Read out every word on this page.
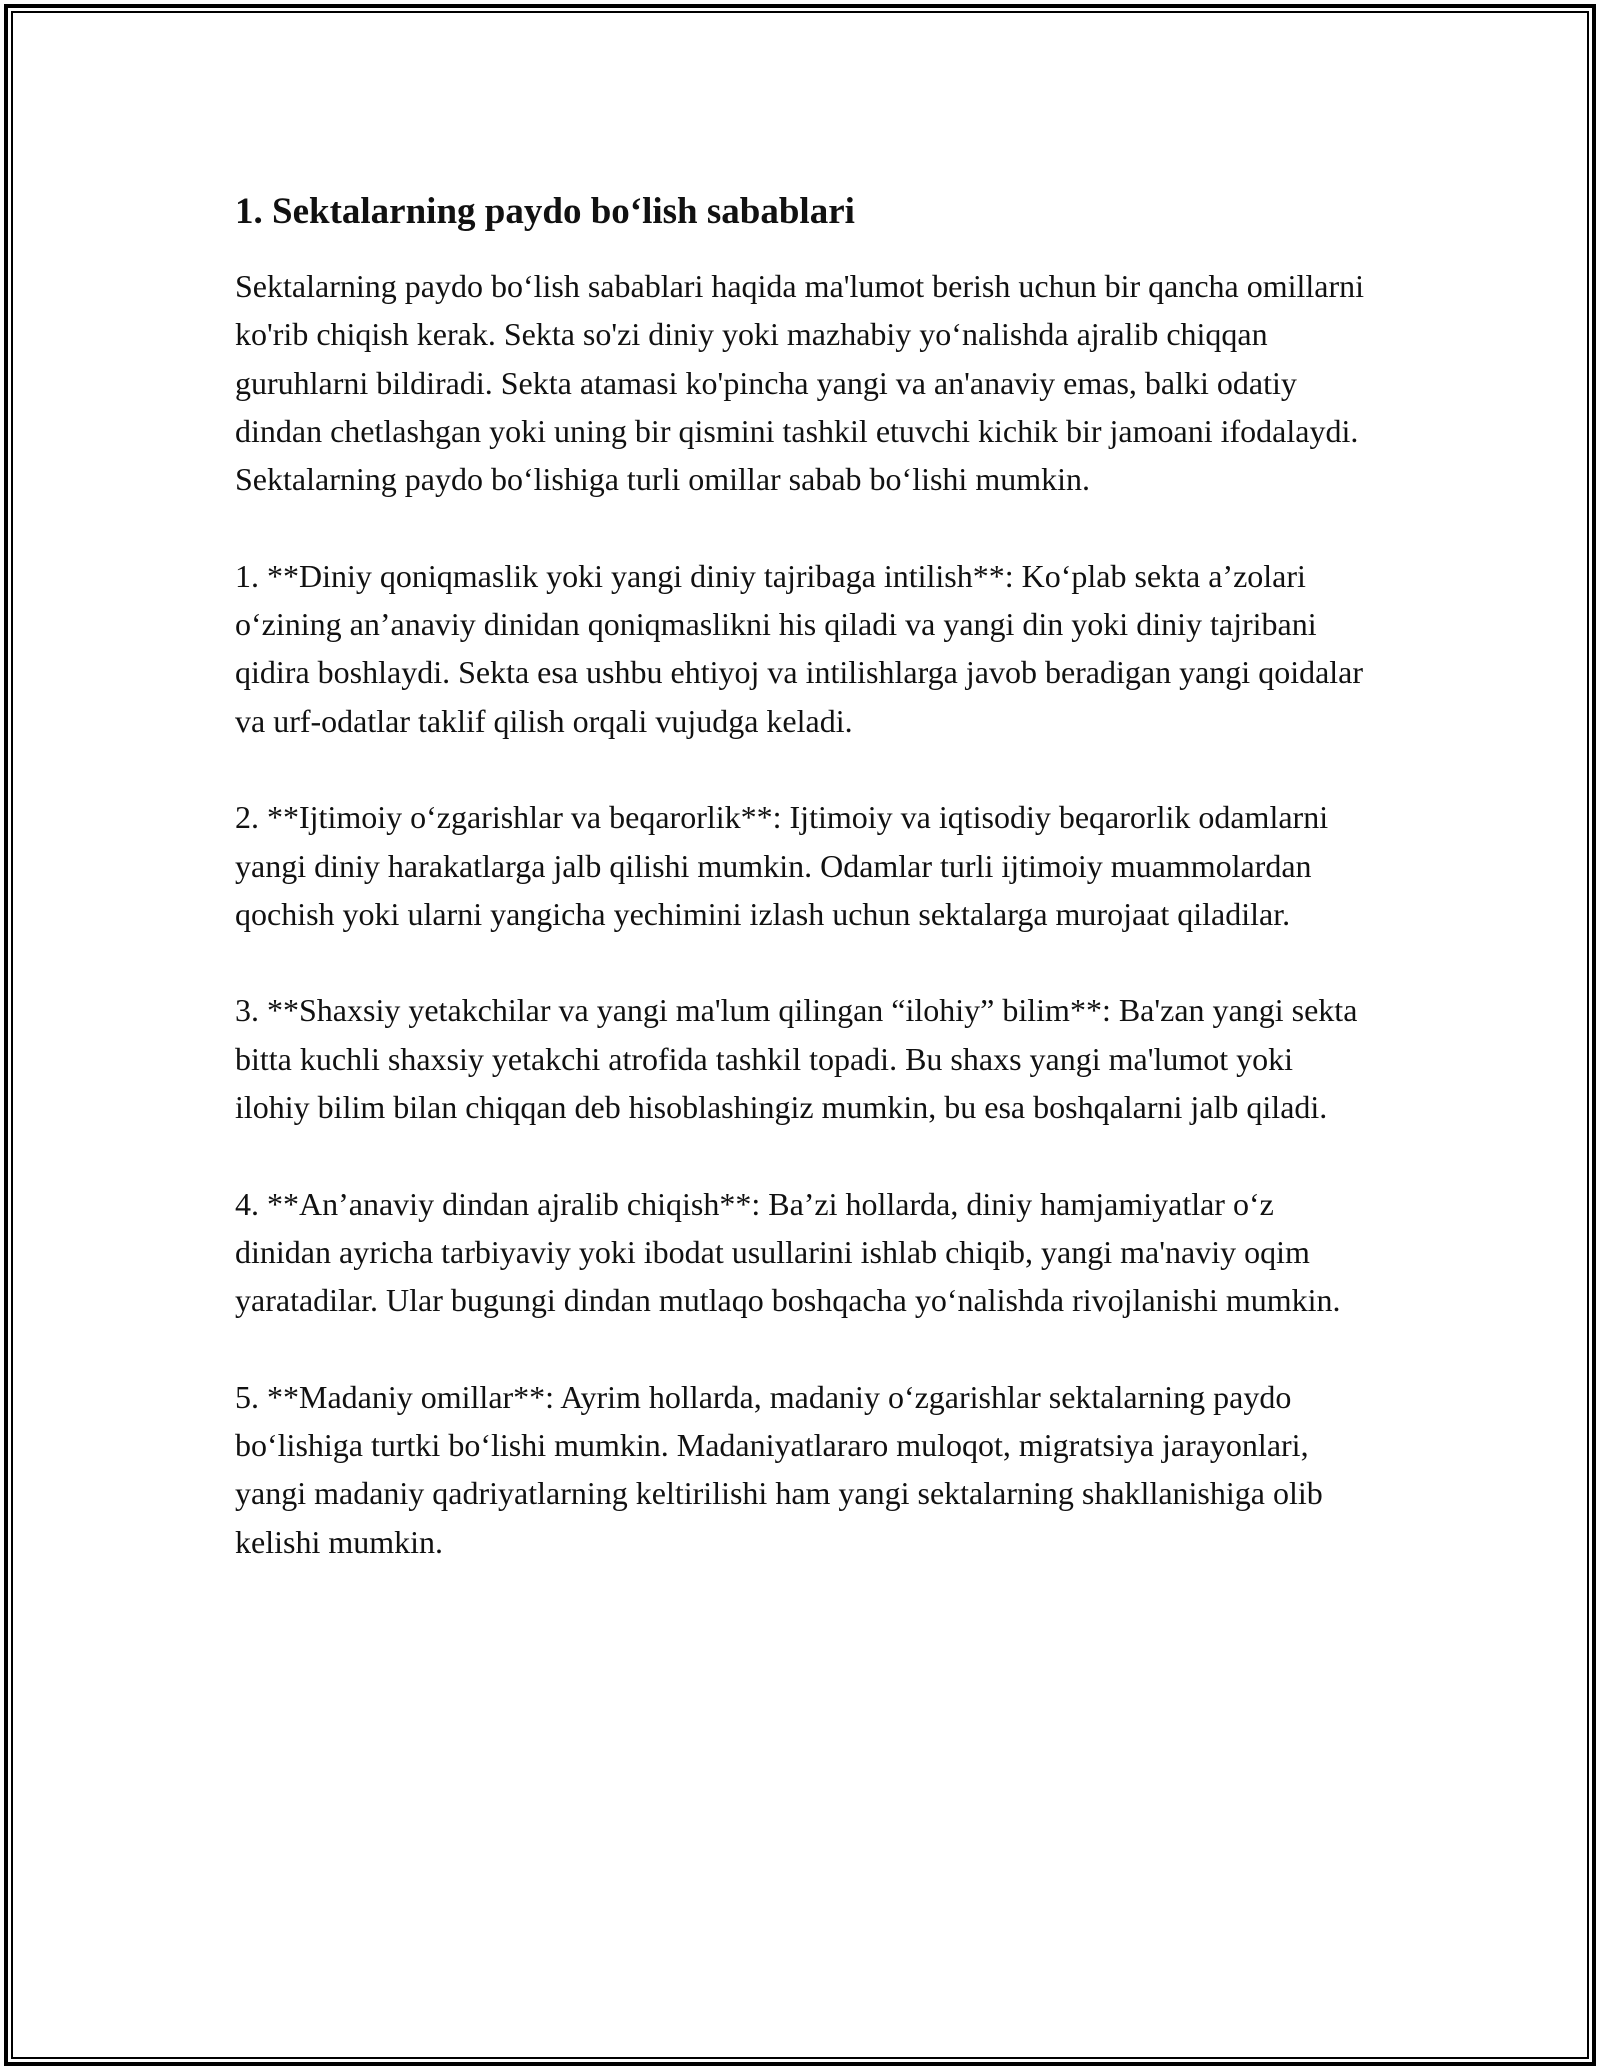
1. Sektalarning paydo bo‘lish sabablari

Sektalarning paydo bo‘lish sabablari haqida ma'lumot berish uchun bir qancha omillarni ko'rib chiqish kerak. Sekta so'zi diniy yoki mazhabiy yo‘nalishda ajralib chiqqan guruhlarni bildiradi. Sekta atamasi ko'pincha yangi va an'anaviy emas, balki odatiy dindan chetlashgan yoki uning bir qismini tashkil etuvchi kichik bir jamoani ifodalaydi. Sektalarning paydo bo‘lishiga turli omillar sabab bo‘lishi mumkin.

1. **Diniy qoniqmaslik yoki yangi diniy tajribaga intilish**: Ko‘plab sekta a’zolari o‘zining an’anaviy dinidan qoniqmaslikni his qiladi va yangi din yoki diniy tajribani qidira boshlaydi. Sekta esa ushbu ehtiyoj va intilishlarga javob beradigan yangi qoidalar va urf-odatlar taklif qilish orqali vujudga keladi.

2. **Ijtimoiy o‘zgarishlar va beqarorlik**: Ijtimoiy va iqtisodiy beqarorlik odamlarni yangi diniy harakatlarga jalb qilishi mumkin. Odamlar turli ijtimoiy muammolardan qochish yoki ularni yangicha yechimini izlash uchun sektalarga murojaat qiladilar.

3. **Shaxsiy yetakchilar va yangi ma'lum qilingan “ilohiy” bilim**: Ba'zan yangi sekta bitta kuchli shaxsiy yetakchi atrofida tashkil topadi. Bu shaxs yangi ma'lumot yoki ilohiy bilim bilan chiqqan deb hisoblashingiz mumkin, bu esa boshqalarni jalb qiladi.

4. **An’anaviy dindan ajralib chiqish**: Ba’zi hollarda, diniy hamjamiyatlar o‘z dinidan ayricha tarbiyaviy yoki ibodat usullarini ishlab chiqib, yangi ma'naviy oqim yaratadilar. Ular bugungi dindan mutlaqo boshqacha yo‘nalishda rivojlanishi mumkin.

5. **Madaniy omillar**: Ayrim hollarda, madaniy o‘zgarishlar sektalarning paydo bo‘lishiga turtki bo‘lishi mumkin. Madaniyatlararo muloqot, migratsiya jarayonlari, yangi madaniy qadriyatlarning keltirilishi ham yangi sektalarning shakllanishiga olib kelishi mumkin.
